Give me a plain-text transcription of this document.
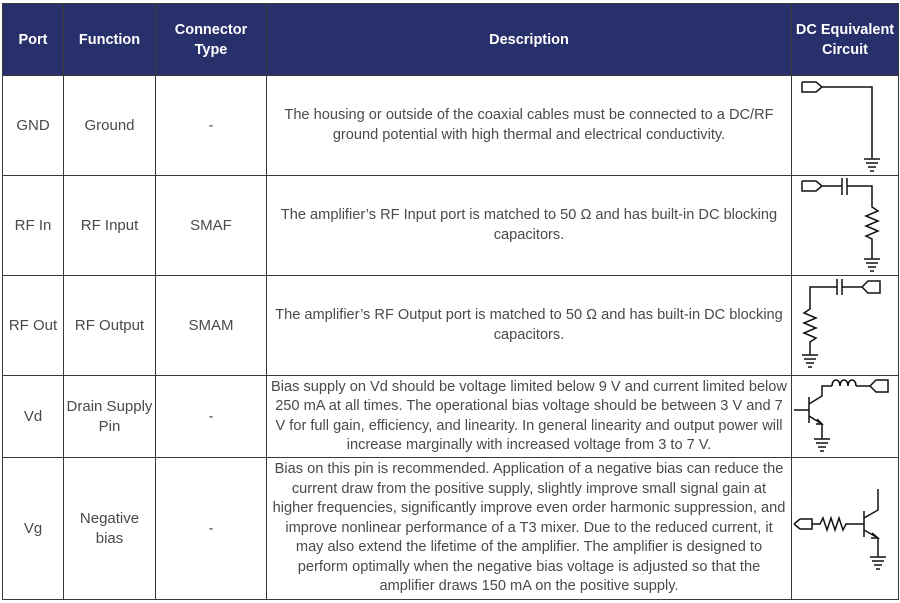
Port	Function	Connector Type	Description	DC Equivalent Circuit
GND	Ground	-	The housing or outside of the coaxial cables must be connected to a DC/RF ground potential with high thermal and electrical conductivity.	

RF In	RF Input	SMAF	The amplifier’s RF Input port is matched to 50 Ω and has built-in DC blocking capacitors.	

RF Out	RF Output	SMAM	The amplifier’s RF Output port is matched to 50 Ω and has built-in DC blocking capacitors.	

Vd	Drain Supply Pin	-	Bias supply on Vd should be voltage limited below 9 V and current limited below 250 mA at all times. The operational bias voltage should be between 3 V and 7 V for full gain, efficiency, and linearity. In general linearity and output power will increase marginally with increased voltage from 3 to 7 V.	

Vg	Negative bias	-	Bias on this pin is recommended. Application of a negative bias can reduce the current draw from the positive supply, slightly improve small signal gain at higher frequencies, significantly improve even order harmonic suppression, and improve nonlinear performance of a T3 mixer. Due to the reduced current, it may also extend the lifetime of the amplifier. The amplifier is designed to perform optimally when the negative bias voltage is adjusted so that the amplifier draws 150 mA on the positive supply.	
